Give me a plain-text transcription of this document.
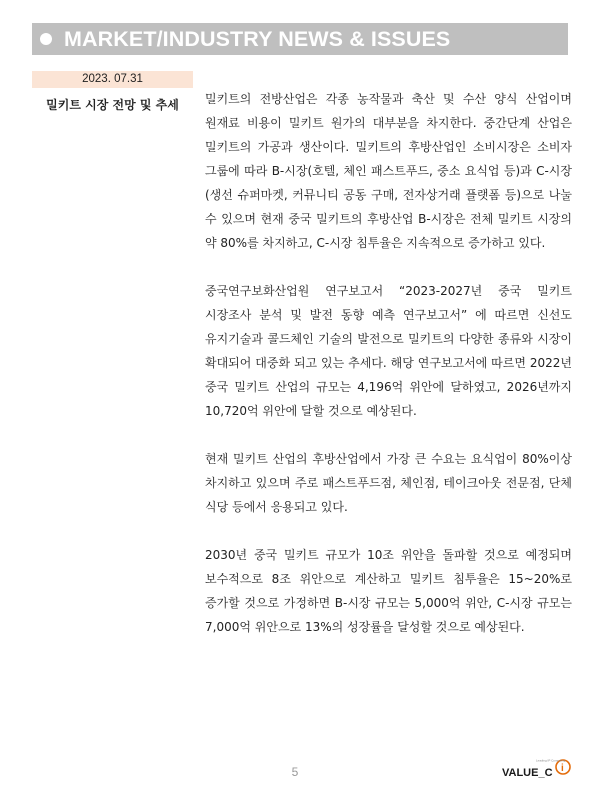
MARKET/INDUSTRY NEWS & ISSUES
2023. 07.31
밀키트 시장 전망 및 추세	밀키트의 전방산업은 각종 농작물과 축산 및 수산 양식 산업이며 원재료 비용이 밀키트 원가의 대부분을 차지한다. 중간단계 산업은 밀키트의 가공과 생산이다. 밀키트의 후방산업인 소비시장은 소비자 그룹에 따라 B-시장(호텔, 체인 패스트푸드, 중소 요식업 등)과 C-시장(생선 슈퍼마켓, 커뮤니티 공동 구매, 전자상거래 플랫폼 등)으로 나눌 수 있으며 현재 중국 밀키트의 후방산업 B-시장은 전체 밀키트 시장의 약 80%를 차지하고, C-시장 침투율은 지속적으로 증가하고 있다.

중국연구보화산업원 연구보고서 “2023-2027년 중국 밀키트 시장조사 분석 및 발전 동향 예측 연구보고서” 에 따르면 신선도 유지기술과 콜드체인 기술의 발전으로 밀키트의 다양한 종류와 시장이 확대되어 대중화 되고 있는 추세다. 해당 연구보고서에 따르면 2022년 중국 밀키트 산업의 규모는 4,196억 위안에 달하였고, 2026년까지 10,720억 위안에 달할 것으로 예상된다.

현재 밀키트 산업의 후방산업에서 가장 큰 수요는 요식업이 80%이상 차지하고 있으며 주로 패스트푸드점, 체인점, 테이크아웃 전문점, 단체 식당 등에서 응용되고 있다.

2030년 중국 밀키트 규모가 10조 위안을 돌파할 것으로 예정되며 보수적으로 8조 위안으로 계산하고 밀키트 침투율은 15~20%로 증가할 것으로 가정하면 B-시장 규모는 5,000억 위안, C-시장 규모는 7,000억 위안으로 13%의 성장률을 달성할 것으로 예상된다.

5
Leading IP Consulting
VALUE_C i
